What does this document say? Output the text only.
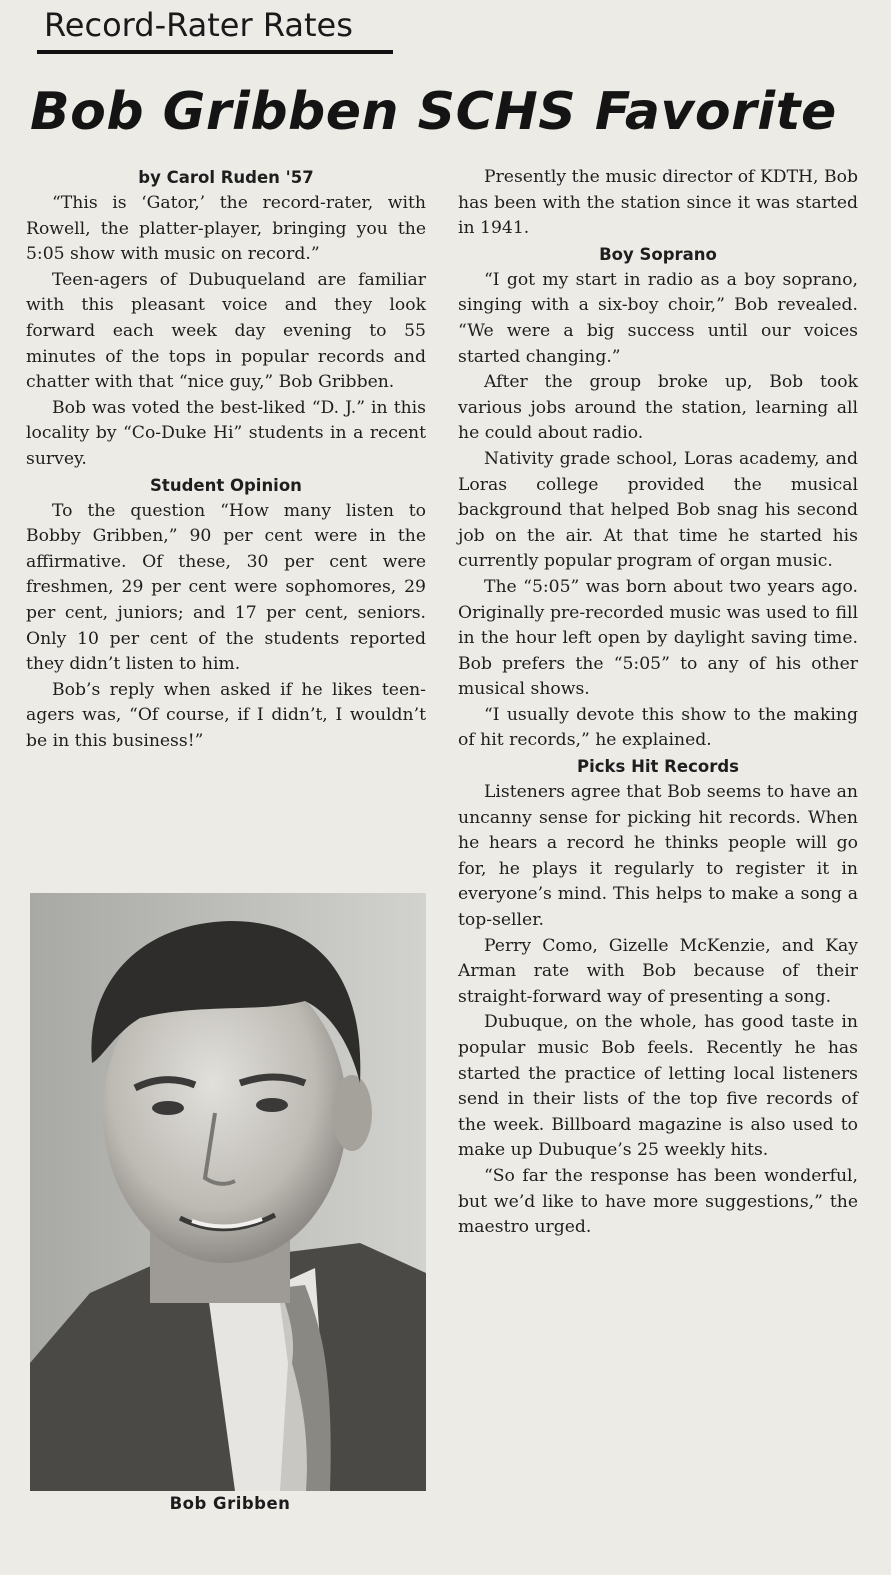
Record-Rater Rates
Bob Gribben SCHS Favorite
by Carol Ruden '57

“This is ‘Gator,’ the record-rater, with Rowell, the platter-player, bringing you the 5:05 show with music on record.”

Teen-agers of Dubuqueland are familiar with this pleasant voice and they look forward each week day evening to 55 minutes of the tops in popular records and chatter with that “nice guy,” Bob Gribben.

Bob was voted the best-liked “D. J.” in this locality by “Co-Duke Hi” students in a recent survey.

Student Opinion

To the question “How many listen to Bobby Gribben,” 90 per cent were in the affirmative. Of these, 30 per cent were freshmen, 29 per cent were sophomores, 29 per cent, juniors; and 17 per cent, seniors. Only 10 per cent of the students reported they didn’t listen to him.

Bob’s reply when asked if he likes teen-agers was, “Of course, if I didn’t, I wouldn’t be in this business!”

Bob Gribben

Presently the music director of KDTH, Bob has been with the station since it was started in 1941.

Boy Soprano

“I got my start in radio as a boy soprano, singing with a six-boy choir,” Bob revealed. “We were a big success until our voices started changing.”

After the group broke up, Bob took various jobs around the station, learning all he could about radio.

Nativity grade school, Loras academy, and Loras college provided the musical background that helped Bob snag his second job on the air. At that time he started his currently popular program of organ music.

The “5:05” was born about two years ago. Originally pre-recorded music was used to fill in the hour left open by daylight saving time. Bob prefers the “5:05” to any of his other musical shows.

“I usually devote this show to the making of hit records,” he explained.

Picks Hit Records

Listeners agree that Bob seems to have an uncanny sense for picking hit records. When he hears a record he thinks people will go for, he plays it regularly to register it in everyone’s mind. This helps to make a song a top-seller.

Perry Como, Gizelle McKenzie, and Kay Arman rate with Bob because of their straight-forward way of presenting a song.

Dubuque, on the whole, has good taste in popular music Bob feels. Recently he has started the practice of letting local listeners send in their lists of the top five records of the week. Billboard magazine is also used to make up Dubuque’s 25 weekly hits.

“So far the response has been wonderful, but we’d like to have more suggestions,” the maestro urged.
